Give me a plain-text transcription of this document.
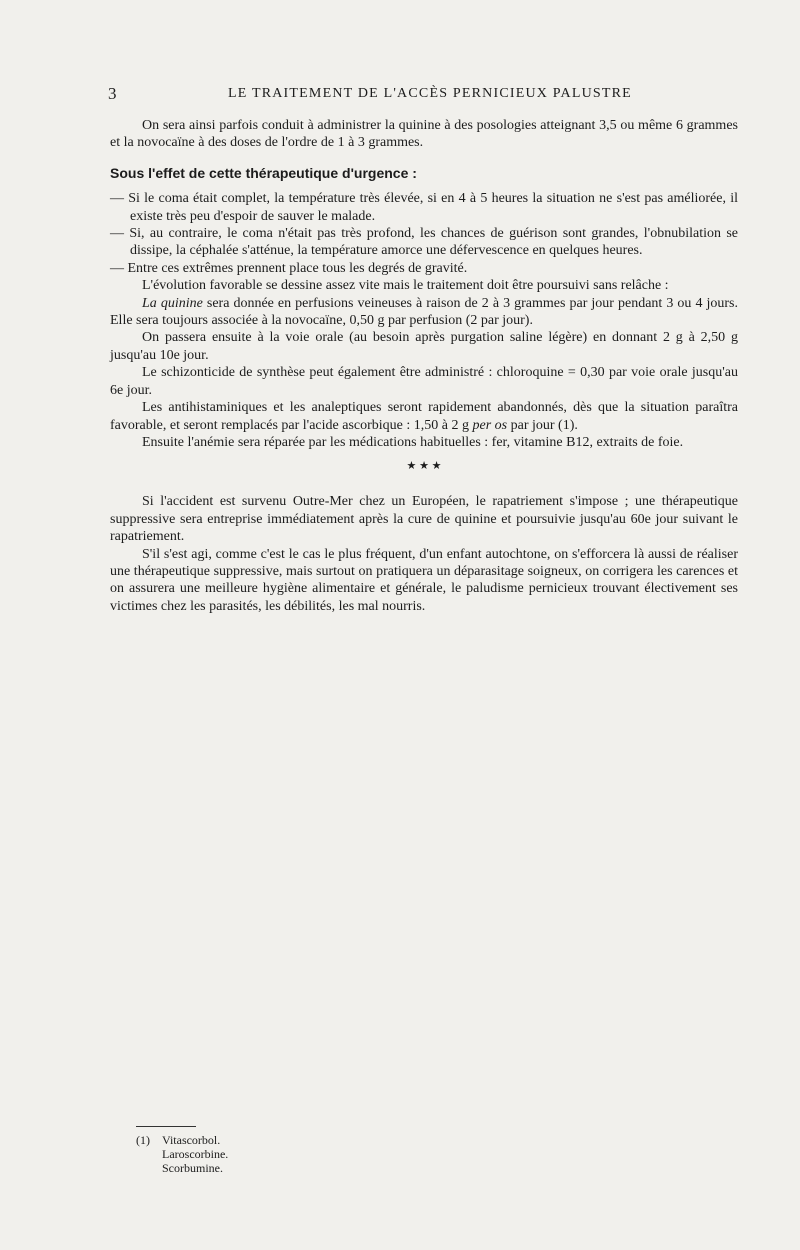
3	LE TRAITEMENT DE L'ACCÈS PERNICIEUX PALUSTRE

On sera ainsi parfois conduit à administrer la quinine à des posologies atteignant 3,5 ou même 6 grammes et la novocaïne à des doses de l'ordre de 1 à 3 grammes.

Sous l'effet de cette thérapeutique d'urgence :

— Si le coma était complet, la température très élevée, si en 4 à 5 heures la situation ne s'est pas améliorée, il existe très peu d'espoir de sauver le malade.

— Si, au contraire, le coma n'était pas très profond, les chances de guérison sont grandes, l'obnubilation se dissipe, la céphalée s'atténue, la température amorce une défervescence en quelques heures.

— Entre ces extrêmes prennent place tous les degrés de gravité.

L'évolution favorable se dessine assez vite mais le traitement doit être poursuivi sans relâche :

La quinine sera donnée en perfusions veineuses à raison de 2 à 3 grammes par jour pendant 3 ou 4 jours. Elle sera toujours associée à la novocaïne, 0,50 g par perfusion (2 par jour).

On passera ensuite à la voie orale (au besoin après purgation saline légère) en donnant 2 g à 2,50 g jusqu'au 10e jour.

Le schizonticide de synthèse peut également être administré : chloroquine = 0,30 par voie orale jusqu'au 6e jour.

Les antihistaminiques et les analeptiques seront rapidement abandonnés, dès que la situation paraîtra favorable, et seront remplacés par l'acide ascorbique : 1,50 à 2 g per os par jour (1).

Ensuite l'anémie sera réparée par les médications habituelles : fer, vitamine B12, extraits de foie.

★ ★ ★

Si l'accident est survenu Outre-Mer chez un Européen, le rapatriement s'impose ; une thérapeutique suppressive sera entreprise immédiatement après la cure de quinine et poursuivie jusqu'au 60e jour suivant le rapatriement.

S'il s'est agi, comme c'est le cas le plus fréquent, d'un enfant autochtone, on s'efforcera là aussi de réaliser une thérapeutique suppressive, mais surtout on pratiquera un déparasitage soigneux, on corrigera les carences et on assurera une meilleure hygiène alimentaire et générale, le paludisme pernicieux trouvant électivement ses victimes chez les parasités, les débilités, les mal nourris.

(1) Vitascorbol.
Laroscorbine.
Scorbumine.
